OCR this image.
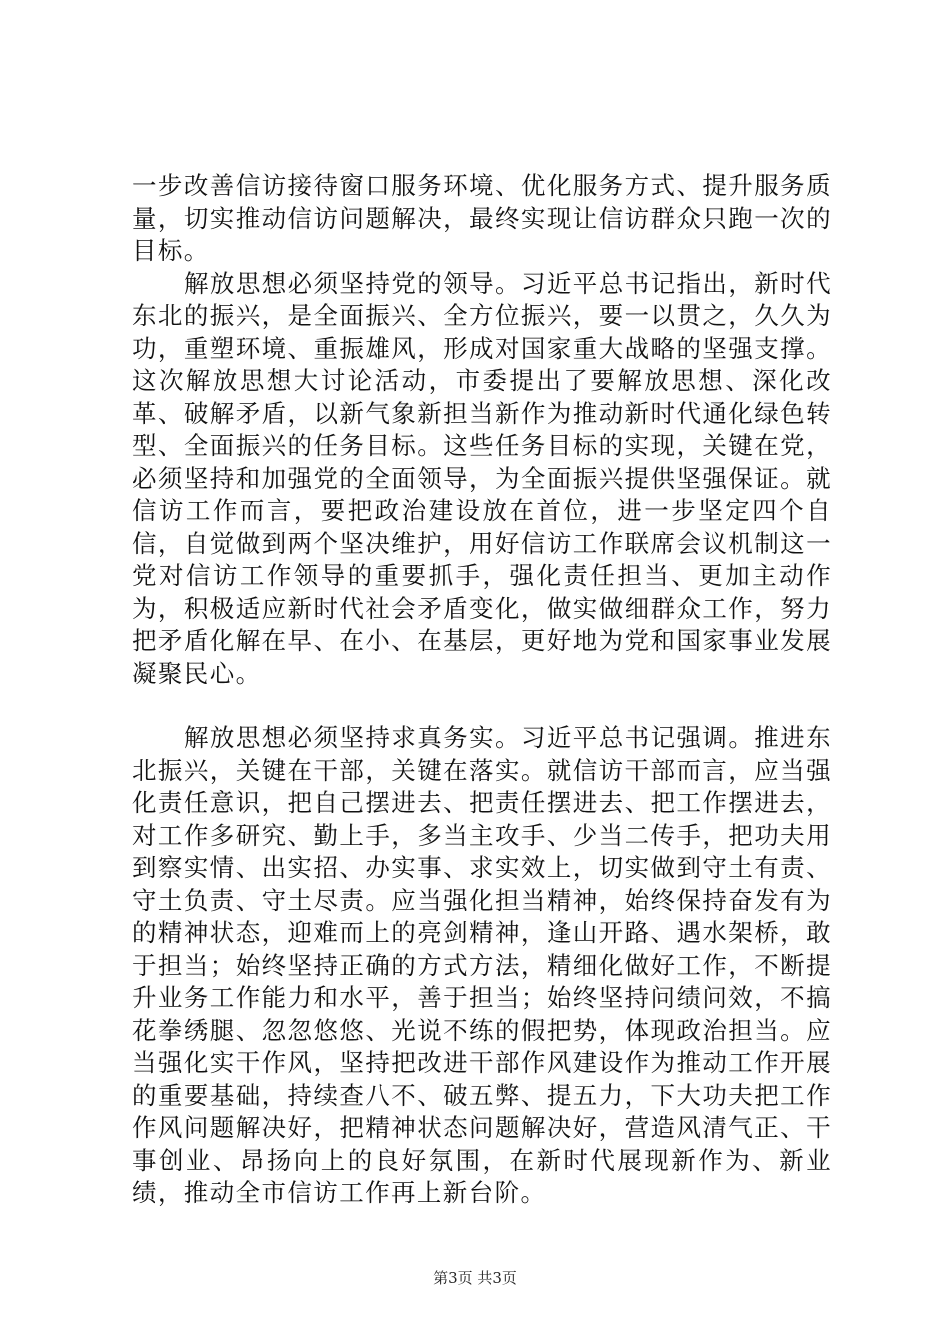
一步改善信访接待窗口服务环境、优化服务方式、提升服务质量，切实推动信访问题解决，最终实现让信访群众只跑一次的目标。

解放思想必须坚持党的领导。习近平总书记指出，新时代东北的振兴，是全面振兴、全方位振兴，要一以贯之，久久为功，重塑环境、重振雄风，形成对国家重大战略的坚强支撑。这次解放思想大讨论活动，市委提出了要解放思想、深化改革、破解矛盾，以新气象新担当新作为推动新时代通化绿色转型、全面振兴的任务目标。这些任务目标的实现，关键在党，必须坚持和加强党的全面领导，为全面振兴提供坚强保证。就信访工作而言，要把政治建设放在首位，进一步坚定四个自信，自觉做到两个坚决维护，用好信访工作联席会议机制这一党对信访工作领导的重要抓手，强化责任担当、更加主动作为，积极适应新时代社会矛盾变化，做实做细群众工作，努力把矛盾化解在早、在小、在基层，更好地为党和国家事业发展凝聚民心。

解放思想必须坚持求真务实。习近平总书记强调。推进东北振兴，关键在干部，关键在落实。就信访干部而言，应当强化责任意识，把自己摆进去、把责任摆进去、把工作摆进去，对工作多研究、勤上手，多当主攻手、少当二传手，把功夫用到察实情、出实招、办实事、求实效上，切实做到守土有责、守土负责、守土尽责。应当强化担当精神，始终保持奋发有为的精神状态，迎难而上的亮剑精神，逢山开路、遇水架桥，敢于担当；始终坚持正确的方式方法，精细化做好工作，不断提升业务工作能力和水平，善于担当；始终坚持问绩问效，不搞花拳绣腿、忽忽悠悠、光说不练的假把势，体现政治担当。应当强化实干作风，坚持把改进干部作风建设作为推动工作开展的重要基础，持续查八不、破五弊、提五力，下大功夫把工作作风问题解决好，把精神状态问题解决好，营造风清气正、干事创业、昂扬向上的良好氛围，在新时代展现新作为、新业绩，推动全市信访工作再上新台阶。

第3页 共3页
